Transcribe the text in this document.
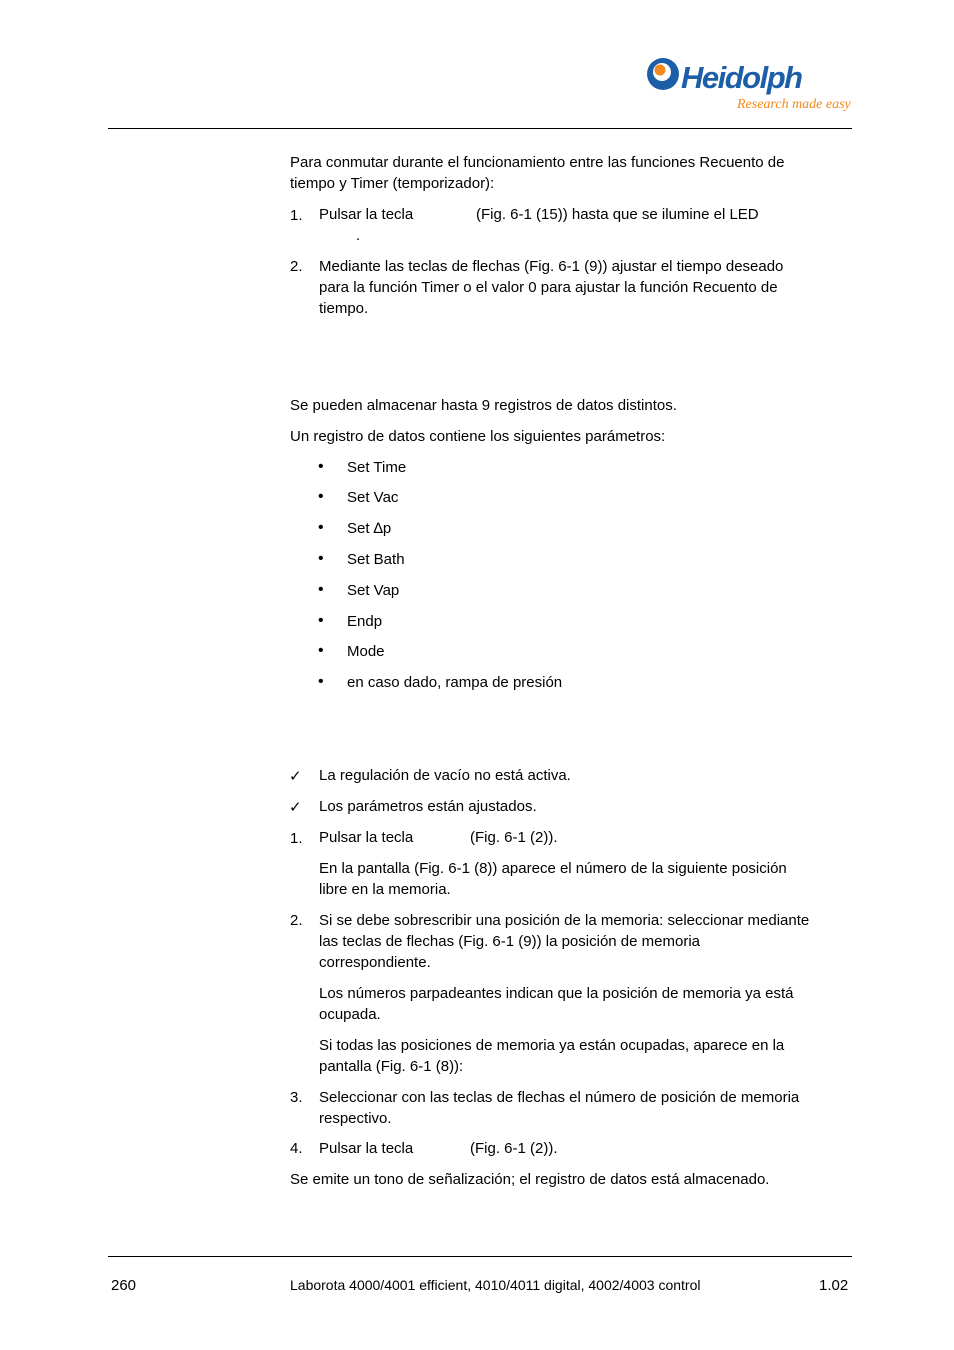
Heidolph
Research made easy
Para conmutar durante el funcionamiento entre las funciones Recuento de
tiempo y Timer (temporizador):
1. Pulsar la tecla	(Fig. 6-1 (15)) hasta que se ilumine el LED
.
2. Mediante las teclas de flechas (Fig. 6-1 (9)) ajustar el tiempo deseado
para la función Timer o el valor 0 para ajustar la función Recuento de
tiempo.
Se pueden almacenar hasta 9 registros de datos distintos.
Un registro de datos contiene los siguientes parámetros:
• Set Time
• Set Vac
• Set ∆p
• Set Bath
• Set Vap
• Endp
• Mode
• en caso dado, rampa de presión
✓ La regulación de vacío no está activa.
✓ Los parámetros están ajustados.
1. Pulsar la tecla	(Fig. 6-1 (2)).
En la pantalla (Fig. 6-1 (8)) aparece el número de la siguiente posición
libre en la memoria.
2. Si se debe sobrescribir una posición de la memoria: seleccionar mediante
las teclas de flechas (Fig. 6-1 (9)) la posición de memoria
correspondiente.
Los números parpadeantes indican que la posición de memoria ya está
ocupada.
Si todas las posiciones de memoria ya están ocupadas, aparece en la
pantalla (Fig. 6-1 (8)):
3. Seleccionar con las teclas de flechas el número de posición de memoria
respectivo.
4. Pulsar la tecla	(Fig. 6-1 (2)).
Se emite un tono de señalización; el registro de datos está almacenado.
260	Laborota 4000/4001 efficient, 4010/4011 digital, 4002/4003 control	1.02
